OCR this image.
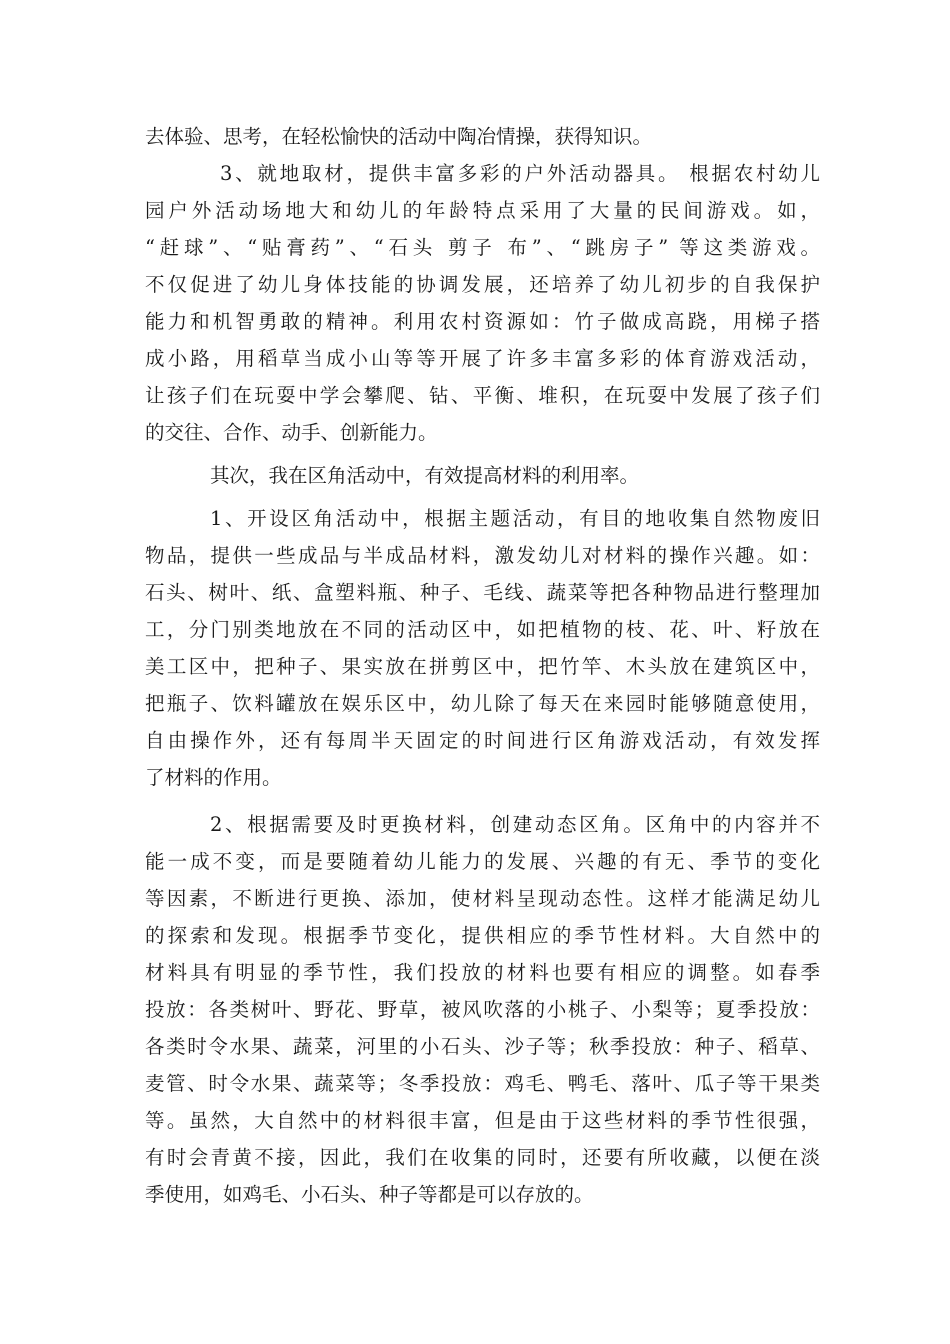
去体验、思考，在轻松愉快的活动中陶冶情操，获得知识。
3、就地取材，提供丰富多彩的户外活动器具。 根据农村幼儿
园户外活动场地大和幼儿的年龄特点采用了大量的民间游戏。如，
“赶球”、“贴膏药”、“石头 剪子 布”、“跳房子” 等这类游戏。
不仅促进了幼儿身体技能的协调发展，还培养了幼儿初步的自我保护
能力和机智勇敢的精神。利用农村资源如：竹子做成高跷，用梯子搭
成小路，用稻草当成小山等等开展了许多丰富多彩的体育游戏活动，
让孩子们在玩耍中学会攀爬、钻、平衡、堆积，在玩耍中发展了孩子们
的交往、合作、动手、创新能力。
其次，我在区角活动中，有效提高材料的利用率。
1、开设区角活动中，根据主题活动，有目的地收集自然物废旧
物品，提供一些成品与半成品材料，激发幼儿对材料的操作兴趣。如：
石头、树叶、纸、盒塑料瓶、种子、毛线、蔬菜等把各种物品进行整理加
工，分门别类地放在不同的活动区中，如把植物的枝、花、叶、籽放在
美工区中，把种子、果实放在拼剪区中，把竹竿、木头放在建筑区中，
把瓶子、饮料罐放在娱乐区中，幼儿除了每天在来园时能够随意使用，
自由操作外，还有每周半天固定的时间进行区角游戏活动，有效发挥
了材料的作用。
2、根据需要及时更换材料，创建动态区角。区角中的内容并不
能一成不变，而是要随着幼儿能力的发展、兴趣的有无、季节的变化
等因素，不断进行更换、添加，使材料呈现动态性。这样才能满足幼儿
的探索和发现。根据季节变化，提供相应的季节性材料。大自然中的
材料具有明显的季节性，我们投放的材料也要有相应的调整。如春季
投放：各类树叶、野花、野草，被风吹落的小桃子、小梨等；夏季投放：
各类时令水果、蔬菜，河里的小石头、沙子等；秋季投放：种子、稻草、
麦管、时令水果、蔬菜等；冬季投放：鸡毛、鸭毛、落叶、瓜子等干果类
等。虽然，大自然中的材料很丰富，但是由于这些材料的季节性很强，
有时会青黄不接，因此，我们在收集的同时，还要有所收藏，以便在淡
季使用，如鸡毛、小石头、种子等都是可以存放的。
